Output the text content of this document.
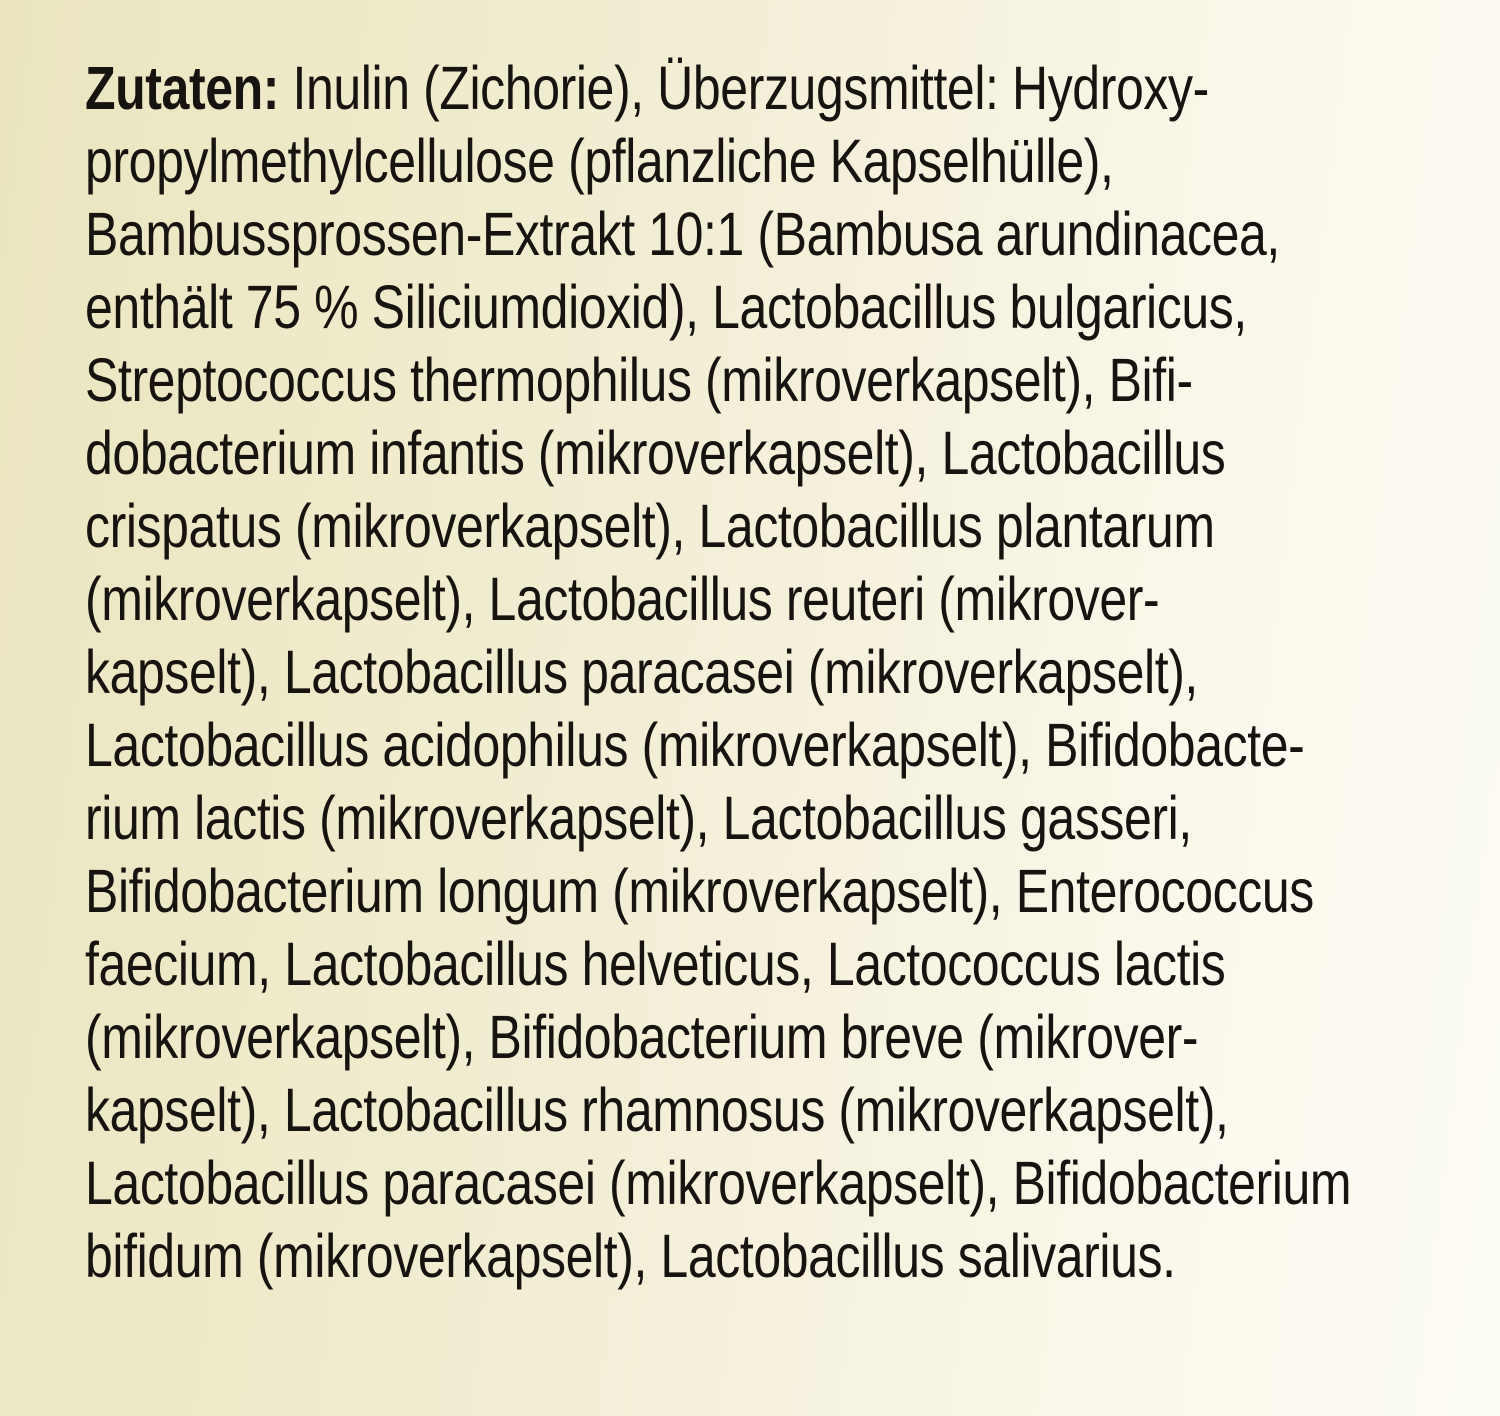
Zutaten: Inulin (Zichorie), Überzugsmittel: Hydroxy-
propylmethylcellulose (pflanzliche Kapselhülle),
Bambussprossen-Extrakt 10:1 (Bambusa arundinacea,
enthält 75 % Siliciumdioxid), Lactobacillus bulgaricus,
Streptococcus thermophilus (mikroverkapselt), Bifi-
dobacterium infantis (mikroverkapselt), Lactobacillus
crispatus (mikroverkapselt), Lactobacillus plantarum
(mikroverkapselt), Lactobacillus reuteri (mikrover-
kapselt), Lactobacillus paracasei (mikroverkapselt),
Lactobacillus acidophilus (mikroverkapselt), Bifidobacte-
rium lactis (mikroverkapselt), Lactobacillus gasseri,
Bifidobacterium longum (mikroverkapselt), Enterococcus
faecium, Lactobacillus helveticus, Lactococcus lactis
(mikroverkapselt), Bifidobacterium breve (mikrover-
kapselt), Lactobacillus rhamnosus (mikroverkapselt),
Lactobacillus paracasei (mikroverkapselt), Bifidobacterium
bifidum (mikroverkapselt), Lactobacillus salivarius.
